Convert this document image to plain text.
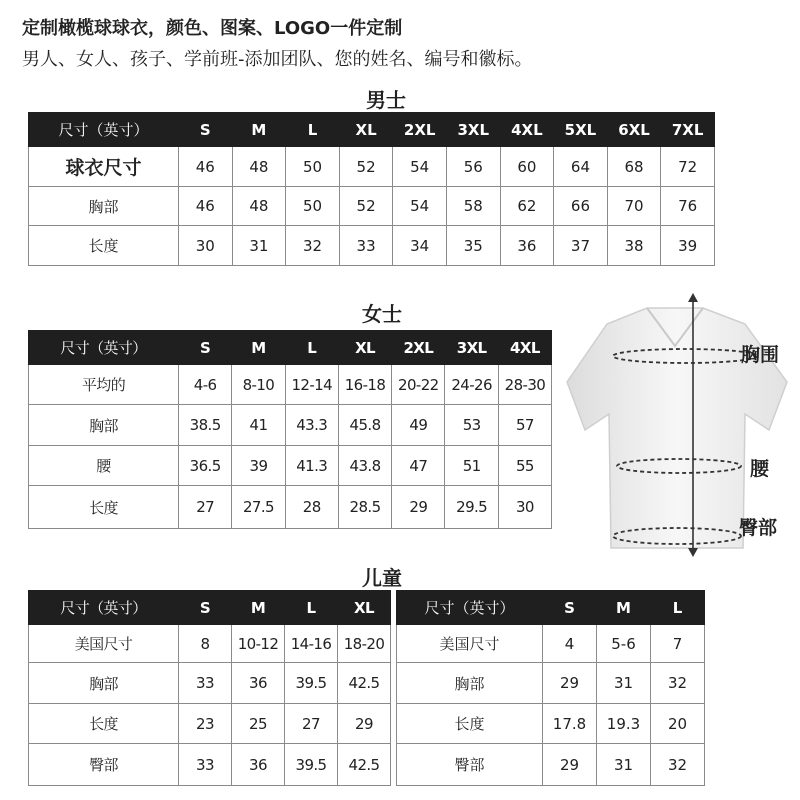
定制橄榄球球衣，颜色、图案、LOGO一件定制
男人、女人、孩子、学前班-添加团队、您的姓名、编号和徽标。
男士
尺寸（英寸）	S	M	L	XL	2XL	3XL	4XL	5XL	6XL	7XL
球衣尺寸	46	48	50	52	54	56	60	64	68	72
胸部	46	48	50	52	54	58	62	66	70	76
长度	30	31	32	33	34	35	36	37	38	39
女士
尺寸（英寸）	S	M	L	XL	2XL	3XL	4XL
平均的	4-6	8-10	12-14	16-18	20-22	24-26	28-30
胸部	38.5	41	43.3	45.8	49	53	57
腰	36.5	39	41.3	43.8	47	51	55
长度	27	27.5	28	28.5	29	29.5	30
胸围
腰
臀部
儿童
尺寸（英寸）	S	M	L	XL
美国尺寸	8	10-12	14-16	18-20
胸部	33	36	39.5	42.5
长度	23	25	27	29
臀部	33	36	39.5	42.5
尺寸（英寸）	S	M	L
美国尺寸	4	5-6	7
胸部	29	31	32
长度	17.8	19.3	20
臀部	29	31	32
